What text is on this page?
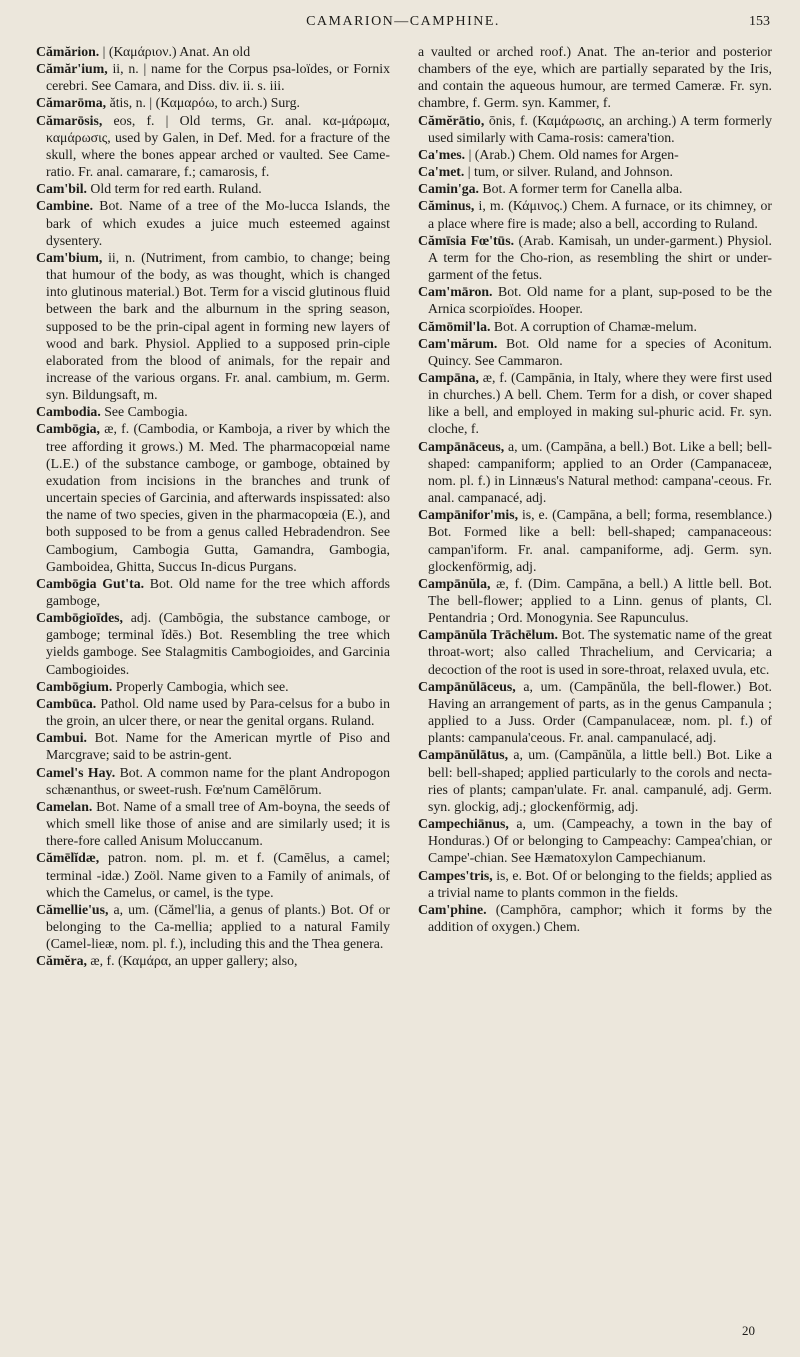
CAMARION—CAMPHINE.	153

Cămărion. | (Καμάριον.) Anat. An old

Cămăr'ium, ii, n. | name for the Corpus psa-loïdes, or Fornix cerebri. See Camara, and Diss. div. ii. s. iii.

Cămarōma, ătis, n. | (Καμαρόω, to arch.) Surg.

Cămarōsis, eos, f. | Old terms, Gr. anal. κα-μάρωμα, καμάρωσις, used by Galen, in Def. Med. for a fracture of the skull, where the bones appear arched or vaulted. See Came-ratio. Fr. anal. camarare, f.; camarosis, f.

Cam'bil. Old term for red earth. Ruland.

Cambine. Bot. Name of a tree of the Mo-lucca Islands, the bark of which exudes a juice much esteemed against dysentery.

Cam'bium, ii, n. (Nutriment, from cambio, to change; being that humour of the body, as was thought, which is changed into glutinous material.) Bot. Term for a viscid glutinous fluid between the bark and the alburnum in the spring season, supposed to be the prin-cipal agent in forming new layers of wood and bark. Physiol. Applied to a supposed prin-ciple elaborated from the blood of animals, for the repair and increase of the various organs. Fr. anal. cambium, m. Germ. syn. Bildungsaft, m.

Cambodia. See Cambogia.

Cambōgia, æ, f. (Cambodia, or Kamboja, a river by which the tree affording it grows.) M. Med. The pharmacopœial name (L.E.) of the substance camboge, or gamboge, obtained by exudation from incisions in the branches and trunk of uncertain species of Garcinia, and afterwards inspissated: also the name of two species, given in the pharmacopœia (E.), and both supposed to be from a genus called Hebradendron. See Cambogium, Cambogia Gutta, Gamandra, Gambogia, Gamboidea, Ghitta, Succus In-dicus Purgans.

Cambōgia Gut'ta. Bot. Old name for the tree which affords gamboge,

Cambōgioīdes, adj. (Cambōgia, the substance camboge, or gamboge; terminal ĭdēs.) Bot. Resembling the tree which yields gamboge. See Stalagmitis Cambogioides, and Garcinia Cambogioides.

Cambōgium. Properly Cambogia, which see.

Cambūca. Pathol. Old name used by Para-celsus for a bubo in the groin, an ulcer there, or near the genital organs. Ruland.

Cambui. Bot. Name for the American myrtle of Piso and Marcgrave; said to be astrin-gent.

Camel's Hay. Bot. A common name for the plant Andropogon schænanthus, or sweet-rush. Fœ'num Camēlōrum.

Camelan. Bot. Name of a small tree of Am-boyna, the seeds of which smell like those of anise and are similarly used; it is there-fore called Anisum Moluccanum.

Cămēlĭdæ, patron. nom. pl. m. et f. (Camēlus, a camel; terminal -idæ.) Zoöl. Name given to a Family of animals, of which the Camelus, or camel, is the type.

Cămellie'us, a, um. (Cămel'lia, a genus of plants.) Bot. Of or belonging to the Ca-mellia; applied to a natural Family (Camel-lieæ, nom. pl. f.), including this and the Thea genera.

Cămĕra, æ, f. (Καμάρα, an upper gallery; also,

a vaulted or arched roof.) Anat. The an-terior and posterior chambers of the eye, which are partially separated by the Iris, and contain the aqueous humour, are termed Cameræ. Fr. syn. chambre, f. Germ. syn. Kammer, f.

Cămĕrātio, ōnis, f. (Καμάρωσις, an arching.) A term formerly used similarly with Cama-rosis: camera'tion.

Ca'mes. | (Arab.) Chem. Old names for Argen-

Ca'met. | tum, or silver. Ruland, and Johnson.

Camin'ga. Bot. A former term for Canella alba.

Căminus, i, m. (Κάμινος.) Chem. A furnace, or its chimney, or a place where fire is made; also a bell, according to Ruland.

Cămīsia Fœ'tūs. (Arab. Kamisah, un under-garment.) Physiol. A term for the Cho-rion, as resembling the shirt or under-garment of the fetus.

Cam'māron. Bot. Old name for a plant, sup-posed to be the Arnica scorpioïdes. Hooper.

Cămōmil'la. Bot. A corruption of Chamæ-melum.

Cam'mărum. Bot. Old name for a species of Aconitum. Quincy. See Cammaron.

Campāna, æ, f. (Campānia, in Italy, where they were first used in churches.) A bell. Chem. Term for a dish, or cover shaped like a bell, and employed in making sul-phuric acid. Fr. syn. cloche, f.

Campānāceus, a, um. (Campāna, a bell.) Bot. Like a bell; bell-shaped: campaniform; applied to an Order (Campanaceæ, nom. pl. f.) in Linnæus's Natural method: campana'-ceous. Fr. anal. campanacé, adj.

Campānifor'mis, is, e. (Campāna, a bell; forma, resemblance.) Bot. Formed like a bell: bell-shaped; campanaceous: campan'iform. Fr. anal. campaniforme, adj. Germ. syn. glockenförmig, adj.

Campānŭla, æ, f. (Dim. Campāna, a bell.) A little bell. Bot. The bell-flower; applied to a Linn. genus of plants, Cl. Pentandria ; Ord. Monogynia. See Rapunculus.

Campānŭla Trāchēlum. Bot. The systematic name of the great throat-wort; also called Thrachelium, and Cervicaria; a decoction of the root is used in sore-throat, relaxed uvula, etc.

Campānŭlāceus, a, um. (Campānŭla, the bell-flower.) Bot. Having an arrangement of parts, as in the genus Campanula ; applied to a Juss. Order (Campanulaceæ, nom. pl. f.) of plants: campanula'ceous. Fr. anal. campanulacé, adj.

Campānŭlātus, a, um. (Campānŭla, a little bell.) Bot. Like a bell: bell-shaped; applied particularly to the corols and necta-ries of plants; campan'ulate. Fr. anal. campanulé, adj. Germ. syn. glockig, adj.; glockenförmig, adj.

Campechiānus, a, um. (Campeachy, a town in the bay of Honduras.) Of or belonging to Campeachy: Campea'chian, or Campe'-chian. See Hæmatoxylon Campechianum.

Campes'tris, is, e. Bot. Of or belonging to the fields; applied as a trivial name to plants common in the fields.

Cam'phine. (Camphōra, camphor; which it forms by the addition of oxygen.) Chem.

20
